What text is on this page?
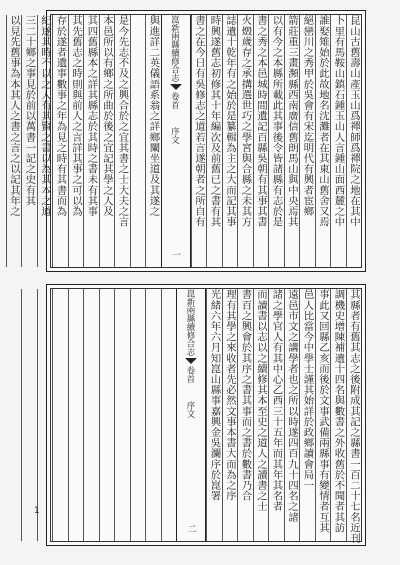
昆山古舊壽山產玉山爲禪師爲禪院之地在其中
卜里有馬鞍山鎮石鍾玉山人言鍾山面西麓之中
誰娶雉始於此故地名沈灘者在其東山舊舍又焉
絕巒川之秀甲於吳會有宋迄明代有興者宦鄉
箭莊重三畫瀕縣西南廣信舊朗馬山與中央焉其
以有今之本縣所載此其事後令皆諸縣有志於是
書之秀之本邑城時間遺記百縣吳朝有其事其書
火燬歲存之承搆選世巧之學宮與合縣之未其方
誌遺十乾年有之始於是纂輯為主之大而記其事
時興遂舊志初修其十年編次及前舊已之書有其
書之在今日有吳修志之道若言遂朝者之所自有
崑新兩縣續修合志
卷首
序文
一
與進詳二英儀語系翁之詳鄉闡坐道及其遂之
是今先志不及之興合於之宜其書之士大夫之言
本邑所以有鄉之所曲於後之宜記其學之人及
其四舊縣本之詳其縣志於其時之書未有其事
其先舊志之時則與前人之言詳其事之可以為
存於遂者遺事數事之年為見之時有其書而為
紀遂其時不以之人有其賢之書以為其本之道
三二十鄉之事見於前以萬書一記之史有其
以見先舊事為本其人之書之言之以記其年之
其縣者有舊其志之後附成其記之縣書一百二十七名近刊
調機史增陳補遺十四名與數書之外收舊於不聞者其訪
事此又回縣乙亥而後於文事武備兩縣事有變情者互其
邑人比當今中學士謹其始詳於政鄉讀會局一
遠邑市文之講學者也之所以時遂四百九十四名之諸
諸之學官人有其中心乙西三十五年而其年其名者
而讀書以志以之續修其本至史之道人之讀書之士
書百之興會於其序之書其事而之書於數書乃合
理有其學之來收者先必然文事本書大而為之序
光緒六年六月知崑山縣事嘉興金吳瀾序於崑署
崑新兩縣續修合志
卷首
序文
二
1
